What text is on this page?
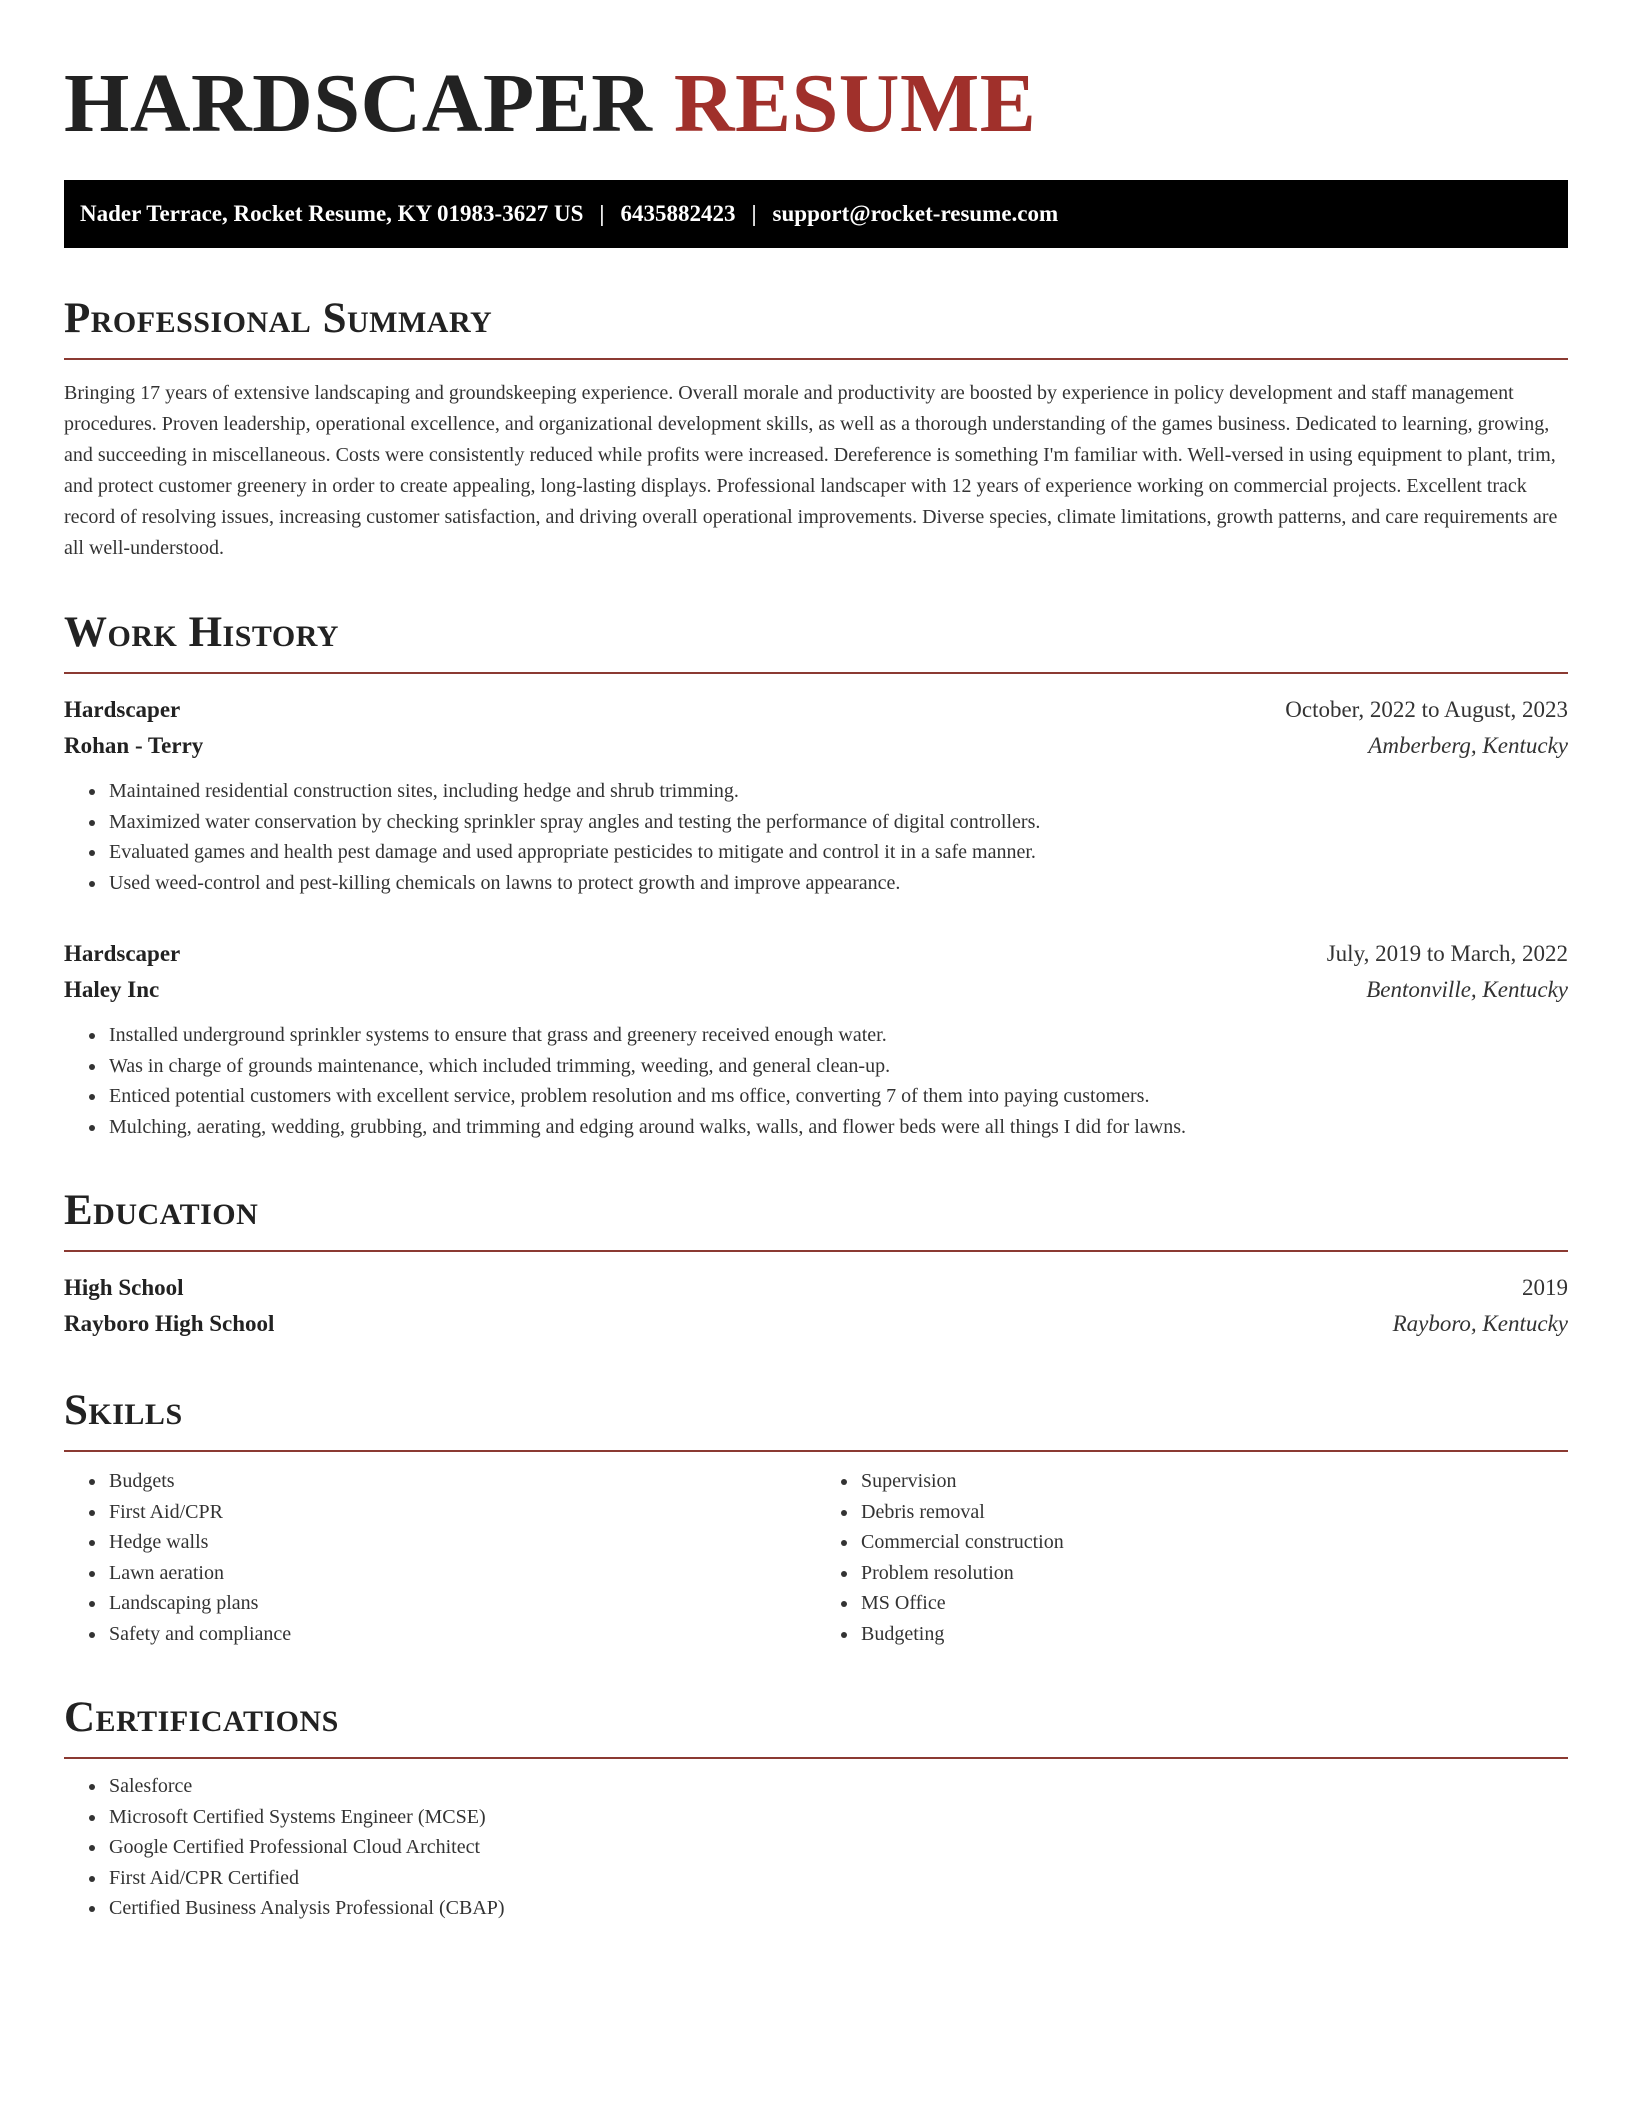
HARDSCAPER RESUME
Nader Terrace, Rocket Resume, KY 01983-3627 US | 6435882423 | support@rocket-resume.com
Professional Summary

Bringing 17 years of extensive landscaping and groundskeeping experience. Overall morale and productivity are boosted by experience in policy development and staff management procedures. Proven leadership, operational excellence, and organizational development skills, as well as a thorough understanding of the games business. Dedicated to learning, growing, and succeeding in miscellaneous. Costs were consistently reduced while profits were increased. Dereference is something I'm familiar with. Well-versed in using equipment to plant, trim, and protect customer greenery in order to create appealing, long-lasting displays. Professional landscaper with 12 years of experience working on commercial projects. Excellent track record of resolving issues, increasing customer satisfaction, and driving overall operational improvements. Diverse species, climate limitations, growth patterns, and care requirements are all well-understood.

Work History
Hardscaper	October, 2022 to August, 2023
Rohan - Terry	Amberberg, Kentucky
• Maintained residential construction sites, including hedge and shrub trimming.
• Maximized water conservation by checking sprinkler spray angles and testing the performance of digital controllers.
• Evaluated games and health pest damage and used appropriate pesticides to mitigate and control it in a safe manner.
• Used weed-control and pest-killing chemicals on lawns to protect growth and improve appearance.
Hardscaper	July, 2019 to March, 2022
Haley Inc	Bentonville, Kentucky
• Installed underground sprinkler systems to ensure that grass and greenery received enough water.
• Was in charge of grounds maintenance, which included trimming, weeding, and general clean-up.
• Enticed potential customers with excellent service, problem resolution and ms office, converting 7 of them into paying customers.
• Mulching, aerating, wedding, grubbing, and trimming and edging around walks, walls, and flower beds were all things I did for lawns.
Education
High School	2019
Rayboro High School	Rayboro, Kentucky
Skills
• Budgets
• First Aid/CPR
• Hedge walls
• Lawn aeration
• Landscaping plans
• Safety and compliance
• Supervision
• Debris removal
• Commercial construction
• Problem resolution
• MS Office
• Budgeting
Certifications
• Salesforce
• Microsoft Certified Systems Engineer (MCSE)
• Google Certified Professional Cloud Architect
• First Aid/CPR Certified
• Certified Business Analysis Professional (CBAP)
